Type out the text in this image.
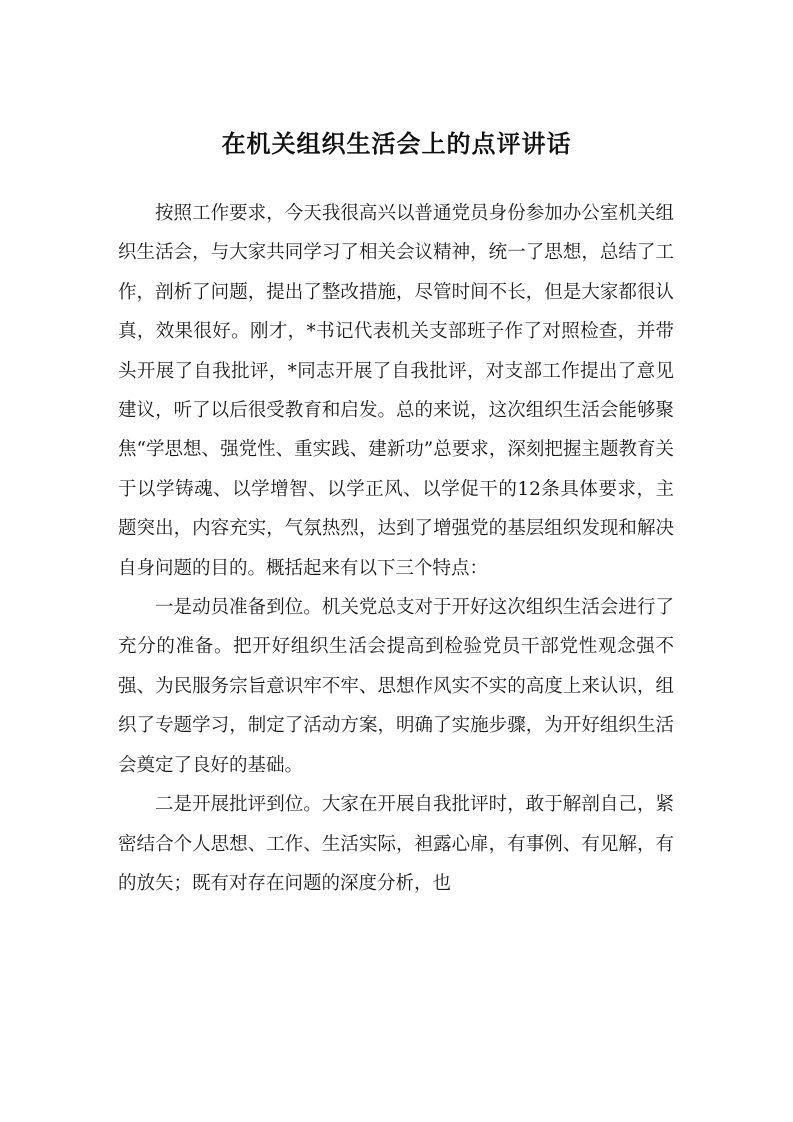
在机关组织生活会上的点评讲话

按照工作要求，今天我很高兴以普通党员身份参加办公室机关组织生活会，与大家共同学习了相关会议精神，统一了思想，总结了工作，剖析了问题，提出了整改措施，尽管时间不长，但是大家都很认真，效果很好。刚才，*书记代表机关支部班子作了对照检查，并带头开展了自我批评，*同志开展了自我批评，对支部工作提出了意见建议，听了以后很受教育和启发。总的来说，这次组织生活会能够聚焦“学思想、强党性、重实践、建新功”总要求，深刻把握主题教育关于以学铸魂、以学增智、以学正风、以学促干的12条具体要求，主题突出，内容充实，气氛热烈，达到了增强党的基层组织发现和解决自身问题的目的。概括起来有以下三个特点：

一是动员准备到位。机关党总支对于开好这次组织生活会进行了充分的准备。把开好组织生活会提高到检验党员干部党性观念强不强、为民服务宗旨意识牢不牢、思想作风实不实的高度上来认识，组织了专题学习，制定了活动方案，明确了实施步骤，为开好组织生活会奠定了良好的基础。

二是开展批评到位。大家在开展自我批评时，敢于解剖自己，紧密结合个人思想、工作、生活实际，袒露心扉，有事例、有见解，有的放矢；既有对存在问题的深度分析，也
